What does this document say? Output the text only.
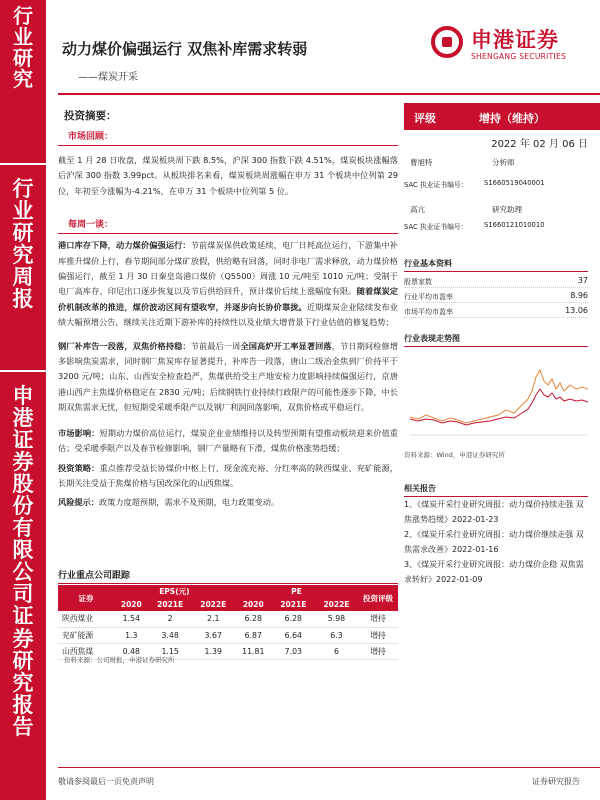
行
业
研
究
行
业
研
究
周
报
申
港
证
券
股
份
有
限
公
司
证
券
研
究
报
告
动力煤价偏强运行 双焦补库需求转弱
——煤炭开采
申港证券
SHENGANG SECURITIES
投资摘要：
市场回顾：
截至 1 月 28 日收盘，煤炭板块周下跌 8.5%，沪深 300 指数下跌 4.51%，煤炭板块涨幅落后沪深 300 指数 3.99pct。从板块排名来看，煤炭板块周涨幅在申万 31 个板块中位列第 29 位，年初至今涨幅为-4.21%，在申万 31 个板块中位列第 5 位。
每周一谈：
港口库存下降，动力煤价偏强运行：节前煤炭保供政策延续，电厂日耗高位运行，下游集中补库推升煤价上行，春节期间部分煤矿放假，供给略有回落，同时非电厂需求释放，动力煤价格偏强运行，截至 1 月 30 日秦皇岛港口煤价（Q5500）周涨 10 元/吨至 1010 元/吨；受制于电厂高库存、印尼出口逐步恢复以及节后供给回升，预计煤价后续上涨幅度有限。随着煤炭定价机制改革的推进，煤价波动区间有望收窄，并逐步向长协价靠拢。近期煤炭企业陆续发布业绩大幅预增公告，继续关注近期下游补库的持续性以及业绩大增背景下行业估值的修复趋势；
钢厂补库告一段落，双焦价格持稳：节前最后一周全国高炉开工率显著回落，节日期间检修增多影响焦炭需求，同时钢厂焦炭库存显著提升，补库告一段落，唐山二级冶金焦到厂价持平于 3200 元/吨；山东、山西安全检查趋严，焦煤供给受主产地安检力度影响持续偏强运行，京唐港山西产主焦煤价格稳定在 2830 元/吨；后续钢铁行业持续行政限产的可能性逐步下降，中长期双焦需求无忧，但短期受采暖季限产以及钢厂利润回落影响，双焦价格或平稳运行。
市场影响：短期动力煤价高位运行，煤炭企业业绩维持以及转型预期有望推动板块迎来价值重估；受采暖季限产以及春节检修影响，钢厂产量略有下滑，煤焦价格涨势趋缓；
投资策略：重点推荐受益长协煤价中枢上行、现金流充裕、分红率高的陕西煤业、兖矿能源，长期关注受益于焦煤价格与国改深化的山西焦煤。
风险提示：政策力度超预期，需求不及预期，电力政策变动。
评级	增持（维持）
2022 年 02 月 06 日
曹旭特	分析师
SAC 执业证书编号： S1660519040001
高亢	研究助理
SAC 执业证书编号： S1660121010010
行业基本资料
股票家数	37
行业平均市盈率	8.96
市场平均市盈率	13.06
行业表现走势图
资料来源：Wind，申港证券研究所
相关报告
1、《煤炭开采行业研究周报：动力煤价持续走强 双焦涨势趋缓》2022-01-23
2、《煤炭开采行业研究周报：动力煤价继续走强 双焦需求改善》2022-01-16
3、《煤炭开采行业研究周报：动力煤价企稳 双焦需求转好》2022-01-09
行业重点公司跟踪
证券	EPS(元)			PE			投资评级
	2020	2021E	2022E	2020	2021E	2022E	
陕西煤业	1.54	2	2.1	6.28	6.28	5.98	增持
兖矿能源	1.3	3.48	3.67	6.87	6.64	6.3	增持
山西焦煤	0.48	1.15	1.39	11.81	7.03	6	增持
资料来源：公司财报，申港证券研究所
敬请参阅最后一页免责声明	证券研究报告
